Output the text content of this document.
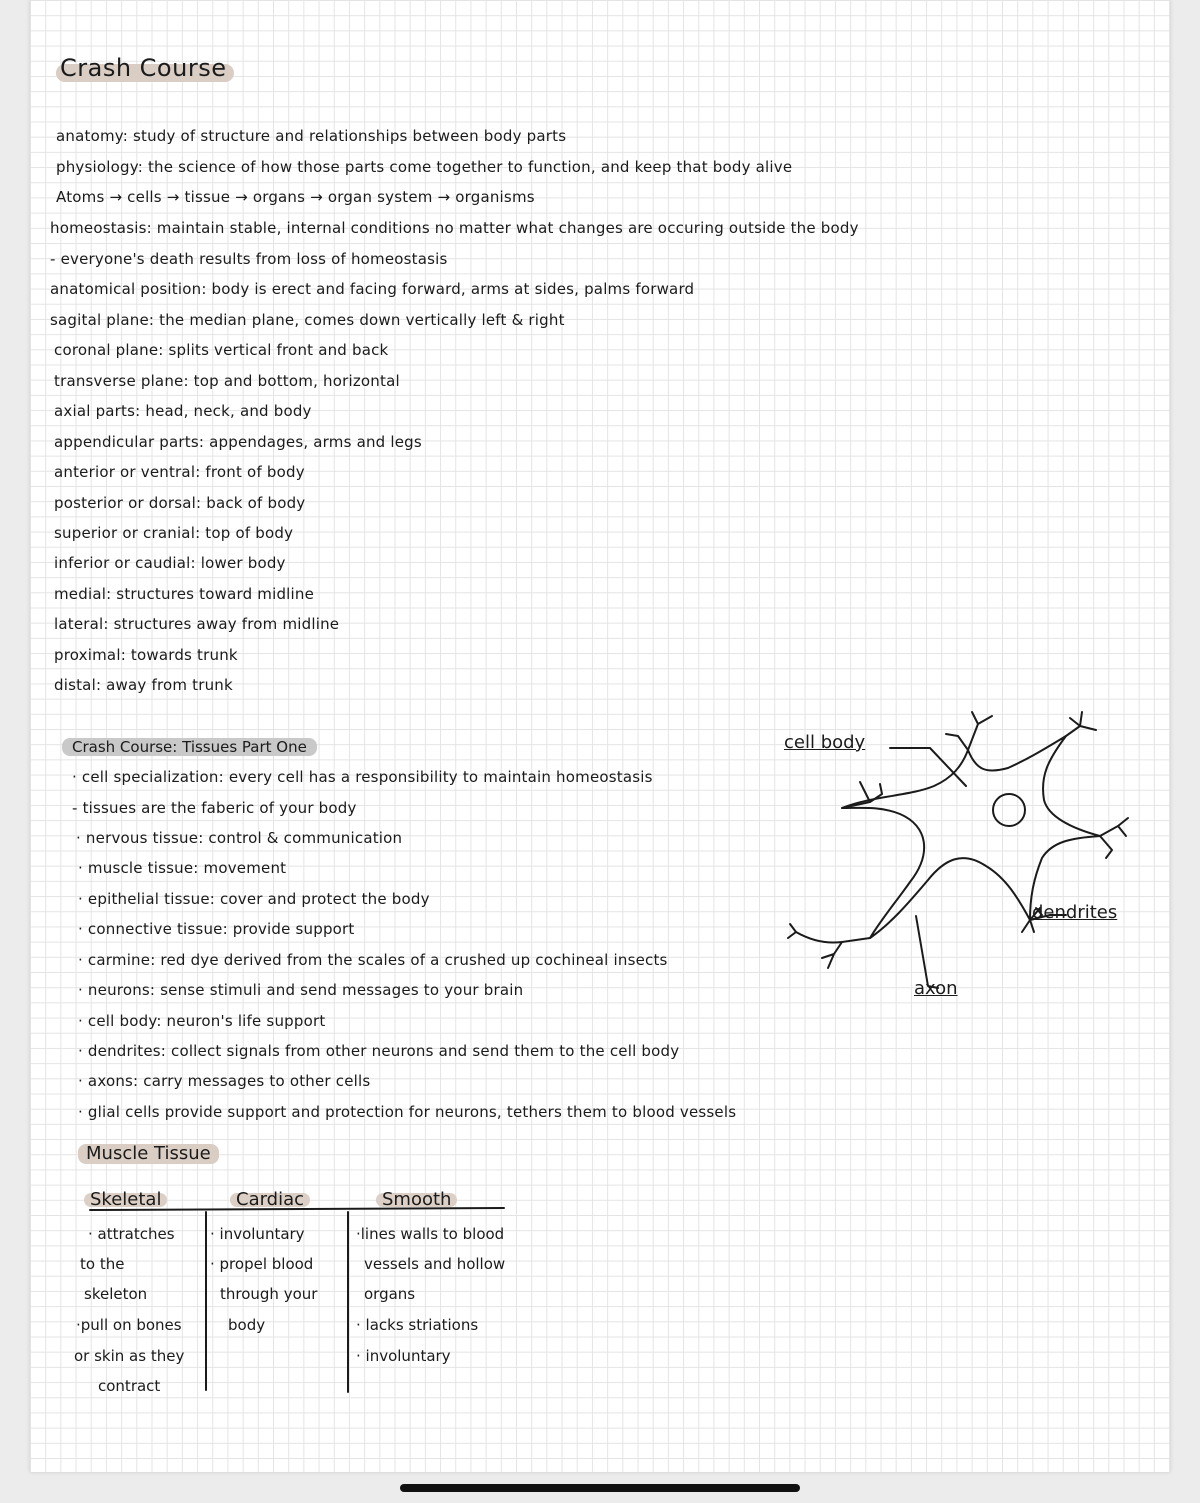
Crash Course
anatomy: study of structure and relationships between body parts
physiology: the science of how those parts come together to function, and keep that body alive
Atoms → cells → tissue → organs → organ system → organisms
homeostasis: maintain stable, internal conditions no matter what changes are occuring outside the body
- everyone's death results from loss of homeostasis
anatomical position: body is erect and facing forward, arms at sides, palms forward
sagital plane: the median plane, comes down vertically left & right
coronal plane: splits vertical front and back
transverse plane: top and bottom, horizontal
axial parts: head, neck, and body
appendicular parts: appendages, arms and legs
anterior or ventral: front of body
posterior or dorsal: back of body
superior or cranial: top of body
inferior or caudial: lower body
medial: structures toward midline
lateral: structures away from midline
proximal: towards trunk
distal: away from trunk
Crash Course: Tissues Part One
· cell specialization: every cell has a responsibility to maintain homeostasis
- tissues are the faberic of your body
· nervous tissue: control & communication
· muscle tissue: movement
· epithelial tissue: cover and protect the body
· connective tissue: provide support
· carmine: red dye derived from the scales of a crushed up cochineal insects
· neurons: sense stimuli and send messages to your brain
· cell body: neuron's life support
· dendrites: collect signals from other neurons and send them to the cell body
· axons: carry messages to other cells
· glial cells provide support and protection for neurons, tethers them to blood vessels
cell body
dendrites
axon
Muscle Tissue
Skeletal	Cardiac	Smooth
· attratches
to the
skeleton
·pull on bones
or skin as they
contract
· involuntary
· propel blood
through your
body
·lines walls to blood
vessels and hollow
organs
· lacks striations
· involuntary
